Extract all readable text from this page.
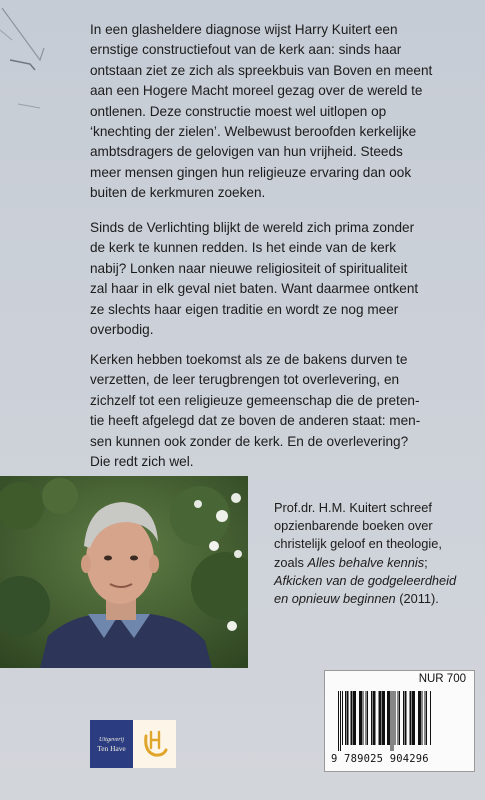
In een glasheldere diagnose wijst Harry Kuitert een
ernstige constructiefout van de kerk aan: sinds haar
ontstaan ziet ze zich als spreekbuis van Boven en meent
aan een Hogere Macht moreel gezag over de wereld te
ontlenen. Deze constructie moest wel uitlopen op
‘knechting der zielen’. Welbewust beroofden kerkelijke
ambtsdragers de gelovigen van hun vrijheid. Steeds
meer mensen gingen hun religieuze ervaring dan ook
buiten de kerkmuren zoeken.

Sinds de Verlichting blijkt de wereld zich prima zonder
de kerk te kunnen redden. Is het einde van de kerk
nabij? Lonken naar nieuwe religiositeit of spiritualiteit
zal haar in elk geval niet baten. Want daarmee ontkent
ze slechts haar eigen traditie en wordt ze nog meer
overbodig.

Kerken hebben toekomst als ze de bakens durven te
verzetten, de leer terugbrengen tot overlevering, en
zichzelf tot een religieuze gemeenschap die de preten-
tie heeft afgelegd dat ze boven de anderen staat: men-
sen kunnen ook zonder de kerk. En de overlevering?
Die redt zich wel.

Prof.dr. H.M. Kuitert schreef
opzienbarende boeken over
christelijk geloof en theologie,
zoals Alles behalve kennis;
Afkicken van de godgeleerdheid
en opnieuw beginnen (2011).

Uitgeverij
Ten Have
NUR 700
9 789025 904296
